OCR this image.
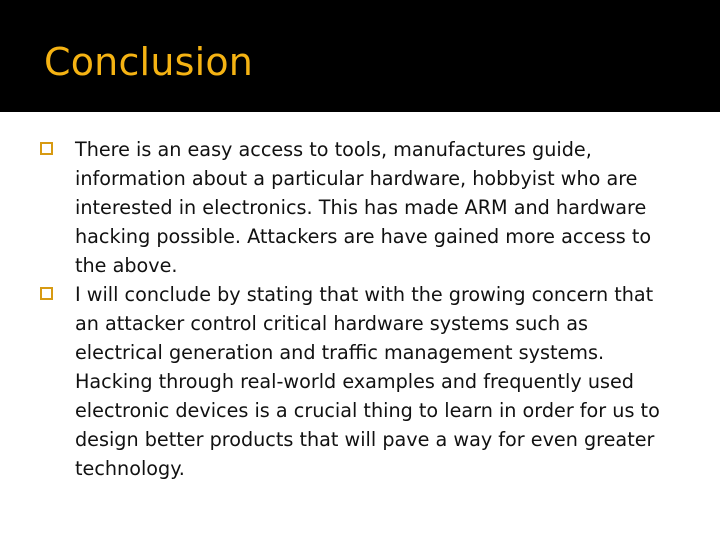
Conclusion
There is an easy access to tools, manufactures guide,
information about a particular hardware, hobbyist who are
interested in electronics. This has made ARM and hardware
hacking possible. Attackers are have gained more access to
the above.
I will conclude by stating that with the growing concern that
an attacker control critical hardware systems such as
electrical generation and traffic management systems.
Hacking through real-world examples and frequently used
electronic devices is a crucial thing to learn in order for us to
design better products that will pave a way for even greater
technology.
